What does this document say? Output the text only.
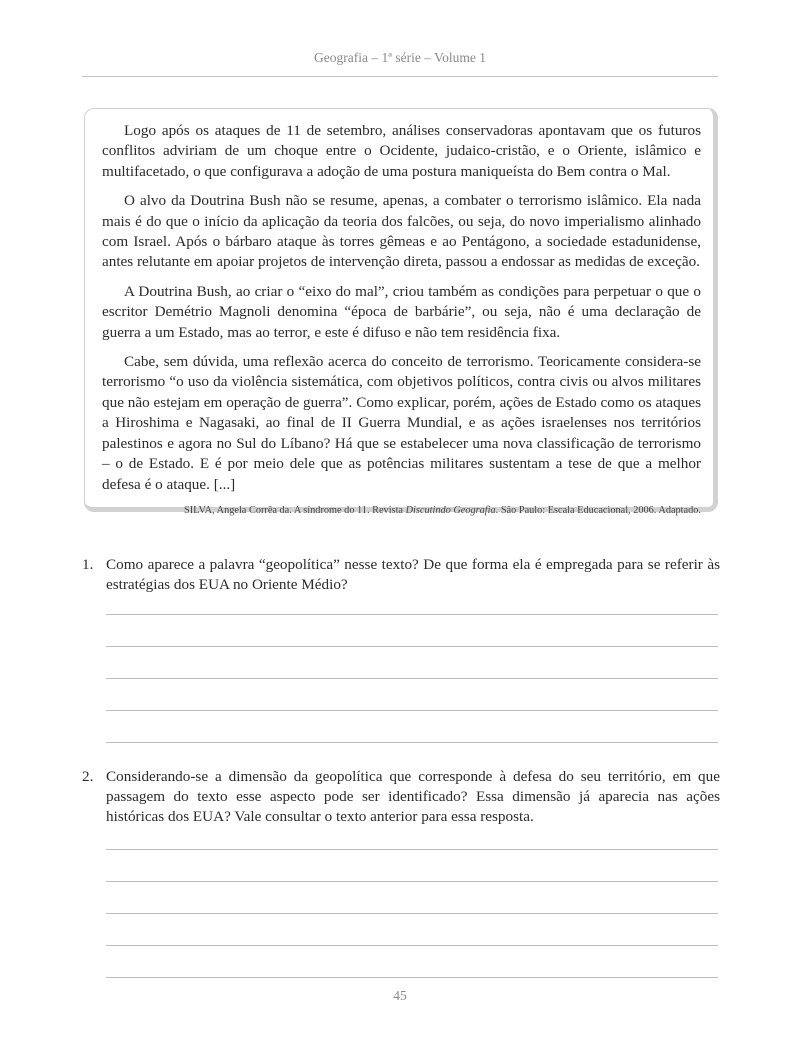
Geografia – 1ª série – Volume 1

Logo após os ataques de 11 de setembro, análises conservadoras apontavam que os futuros conflitos adviriam de um choque entre o Ocidente, judaico-cristão, e o Oriente, islâmico e multifacetado, o que configurava a adoção de uma postura maniqueísta do Bem contra o Mal.

O alvo da Doutrina Bush não se resume, apenas, a combater o terrorismo islâmico. Ela nada mais é do que o início da aplicação da teoria dos falcões, ou seja, do novo imperialismo alinhado com Israel. Após o bárbaro ataque às torres gêmeas e ao Pentágono, a sociedade estadunidense, antes relutante em apoiar projetos de intervenção direta, passou a endossar as medidas de exceção.

A Doutrina Bush, ao criar o “eixo do mal”, criou também as condições para perpetuar o que o escritor Demétrio Magnoli denomina “época de barbárie”, ou seja, não é uma declaração de guerra a um Estado, mas ao terror, e este é difuso e não tem residência fixa.

Cabe, sem dúvida, uma reflexão acerca do conceito de terrorismo. Teoricamente considera-se terrorismo “o uso da violência sistemática, com objetivos políticos, contra civis ou alvos militares que não estejam em operação de guerra”. Como explicar, porém, ações de Estado como os ataques a Hiroshima e Nagasaki, ao final de II Guerra Mundial, e as ações israelenses nos territórios palestinos e agora no Sul do Líbano? Há que se estabelecer uma nova classificação de terrorismo – o de Estado. E é por meio dele que as potências militares sustentam a tese de que a melhor defesa é o ataque. [...]

SILVA, Angela Corrêa da. A síndrome do 11. Revista Discutindo Geografia. São Paulo: Escala Educacional, 2006. Adaptado.

1. Como aparece a palavra “geopolítica” nesse texto? De que forma ela é empregada para se referir às estratégias dos EUA no Oriente Médio?
2. Considerando-se a dimensão da geopolítica que corresponde à defesa do seu território, em que passagem do texto esse aspecto pode ser identificado? Essa dimensão já aparecia nas ações históricas dos EUA? Vale consultar o texto anterior para essa resposta.
45
